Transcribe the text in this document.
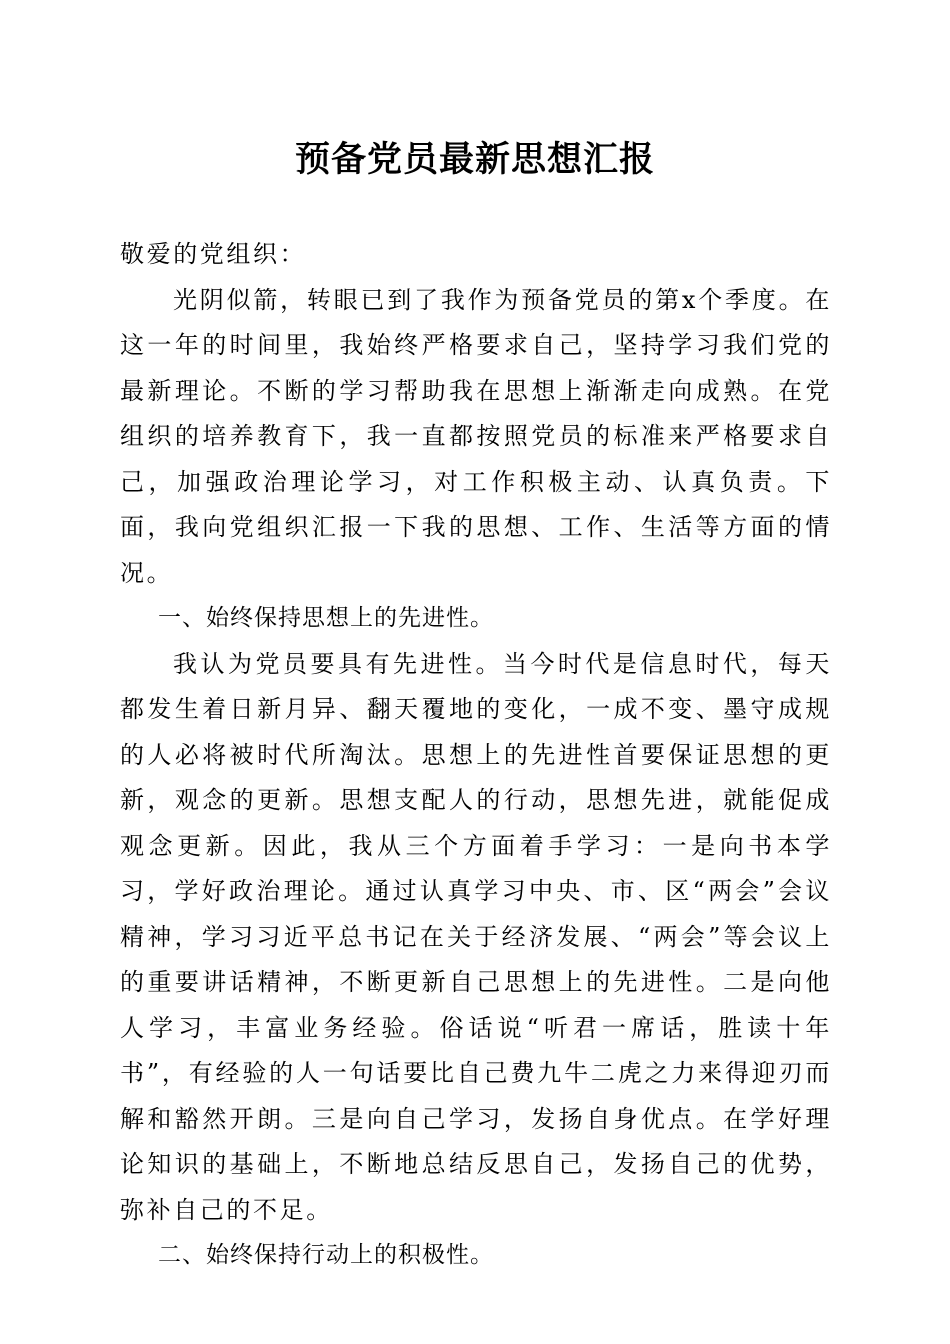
预备党员最新思想汇报

敬爱的党组织：

光阴似箭，转眼已到了我作为预备党员的第x个季度。在这一年的时间里，我始终严格要求自己，坚持学习我们党的最新理论。不断的学习帮助我在思想上渐渐走向成熟。在党组织的培养教育下，我一直都按照党员的标准来严格要求自己，加强政治理论学习，对工作积极主动、认真负责。下面，我向党组织汇报一下我的思想、工作、生活等方面的情况。

一、始终保持思想上的先进性。

我认为党员要具有先进性。当今时代是信息时代，每天都发生着日新月异、翻天覆地的变化，一成不变、墨守成规的人必将被时代所淘汰。思想上的先进性首要保证思想的更新，观念的更新。思想支配人的行动，思想先进，就能促成观念更新。因此，我从三个方面着手学习：一是向书本学习，学好政治理论。通过认真学习中央、市、区“两会”会议精神，学习习近平总书记在关于经济发展、“两会”等会议上的重要讲话精神，不断更新自己思想上的先进性。二是向他人学习，丰富业务经验。俗话说“听君一席话，胜读十年书”，有经验的人一句话要比自己费九牛二虎之力来得迎刃而解和豁然开朗。三是向自己学习，发扬自身优点。在学好理论知识的基础上，不断地总结反思自己，发扬自己的优势，弥补自己的不足。

二、始终保持行动上的积极性。
